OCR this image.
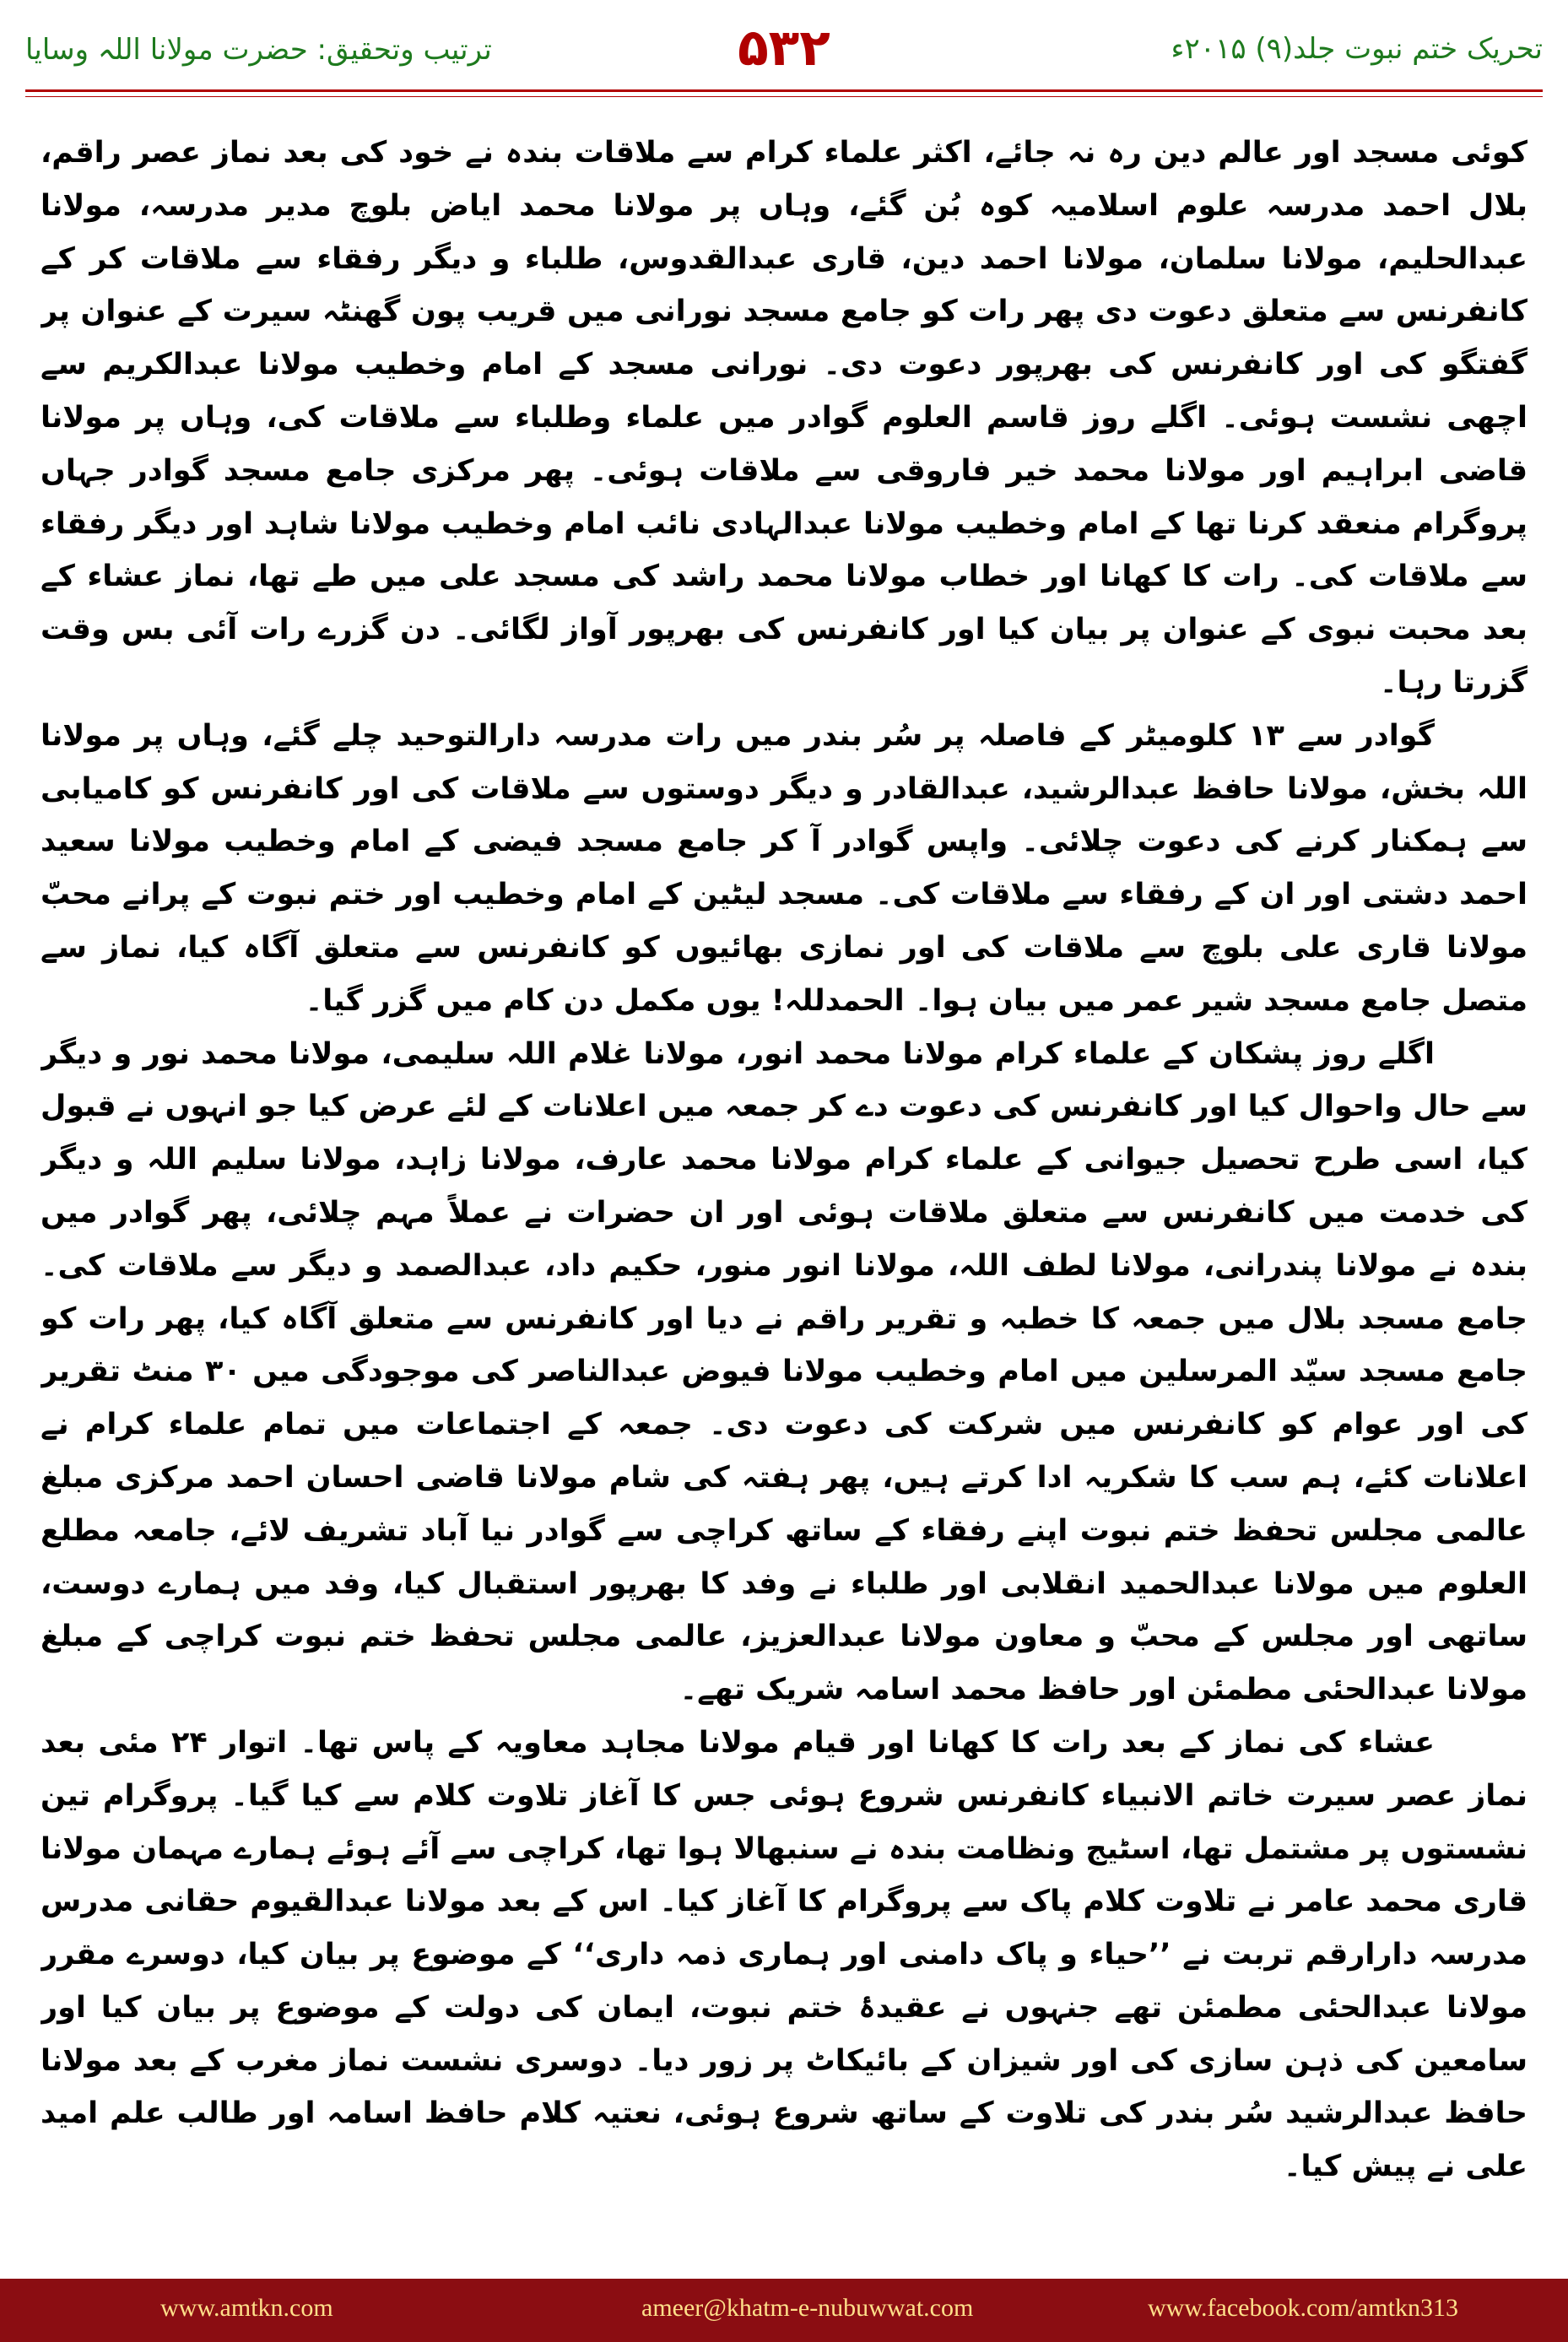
ترتیب وتحقیق: حضرت مولانا اللہ وسایا	۵۳۲	تحریک ختم نبوت جلد(۹) ۲۰۱۵ء

کوئی مسجد اور عالم دین رہ نہ جائے، اکثر علماء کرام سے ملاقات بندہ نے خود کی بعد نماز عصر راقم، بلال احمد مدرسہ علوم اسلامیہ کوہ بُن گئے، وہاں پر مولانا محمد ایاض بلوچ مدیر مدرسہ، مولانا عبدالحلیم، مولانا سلمان، مولانا احمد دین، قاری عبدالقدوس، طلباء و دیگر رفقاء سے ملاقات کر کے کانفرنس سے متعلق دعوت دی پھر رات کو جامع مسجد نورانی میں قریب پون گھنٹہ سیرت کے عنوان پر گفتگو کی اور کانفرنس کی بھرپور دعوت دی۔ نورانی مسجد کے امام وخطیب مولانا عبدالکریم سے اچھی نشست ہوئی۔ اگلے روز قاسم العلوم گوادر میں علماء وطلباء سے ملاقات کی، وہاں پر مولانا قاضی ابراہیم اور مولانا محمد خیر فاروقی سے ملاقات ہوئی۔ پھر مرکزی جامع مسجد گوادر جہاں پروگرام منعقد کرنا تھا کے امام وخطیب مولانا عبدالہادی نائب امام وخطیب مولانا شاہد اور دیگر رفقاء سے ملاقات کی۔ رات کا کھانا اور خطاب مولانا محمد راشد کی مسجد علی میں طے تھا، نماز عشاء کے بعد محبت نبوی کے عنوان پر بیان کیا اور کانفرنس کی بھرپور آواز لگائی۔ دن گزرے رات آئی بس وقت گزرتا رہا۔

گوادر سے ۱۳ کلومیٹر کے فاصلہ پر سُر بندر میں رات مدرسہ دارالتوحید چلے گئے، وہاں پر مولانا اللہ بخش، مولانا حافظ عبدالرشید، عبدالقادر و دیگر دوستوں سے ملاقات کی اور کانفرنس کو کامیابی سے ہمکنار کرنے کی دعوت چلائی۔ واپس گوادر آ کر جامع مسجد فیضی کے امام وخطیب مولانا سعید احمد دشتی اور ان کے رفقاء سے ملاقات کی۔ مسجد لیٹین کے امام وخطیب اور ختم نبوت کے پرانے محبّ مولانا قاری علی بلوچ سے ملاقات کی اور نمازی بھائیوں کو کانفرنس سے متعلق آگاہ کیا، نماز سے متصل جامع مسجد شیر عمر میں بیان ہوا۔ الحمدللہ! یوں مکمل دن کام میں گزر گیا۔

اگلے روز پشکان کے علماء کرام مولانا محمد انور، مولانا غلام اللہ سلیمی، مولانا محمد نور و دیگر سے حال واحوال کیا اور کانفرنس کی دعوت دے کر جمعہ میں اعلانات کے لئے عرض کیا جو انہوں نے قبول کیا، اسی طرح تحصیل جیوانی کے علماء کرام مولانا محمد عارف، مولانا زاہد، مولانا سلیم اللہ و دیگر کی خدمت میں کانفرنس سے متعلق ملاقات ہوئی اور ان حضرات نے عملاً مہم چلائی، پھر گوادر میں بندہ نے مولانا پندرانی، مولانا لطف اللہ، مولانا انور منور، حکیم داد، عبدالصمد و دیگر سے ملاقات کی۔ جامع مسجد بلال میں جمعہ کا خطبہ و تقریر راقم نے دیا اور کانفرنس سے متعلق آگاہ کیا، پھر رات کو جامع مسجد سیّد المرسلین میں امام وخطیب مولانا فیوض عبدالناصر کی موجودگی میں ۳۰ منٹ تقریر کی اور عوام کو کانفرنس میں شرکت کی دعوت دی۔ جمعہ کے اجتماعات میں تمام علماء کرام نے اعلانات کئے، ہم سب کا شکریہ ادا کرتے ہیں، پھر ہفتہ کی شام مولانا قاضی احسان احمد مرکزی مبلغ عالمی مجلس تحفظ ختم نبوت اپنے رفقاء کے ساتھ کراچی سے گوادر نیا آباد تشریف لائے، جامعہ مطلع العلوم میں مولانا عبدالحمید انقلابی اور طلباء نے وفد کا بھرپور استقبال کیا، وفد میں ہمارے دوست، ساتھی اور مجلس کے محبّ و معاون مولانا عبدالعزیز، عالمی مجلس تحفظ ختم نبوت کراچی کے مبلغ مولانا عبدالحئی مطمئن اور حافظ محمد اسامہ شریک تھے۔

عشاء کی نماز کے بعد رات کا کھانا اور قیام مولانا مجاہد معاویہ کے پاس تھا۔ اتوار ۲۴ مئی بعد نماز عصر سیرت خاتم الانبیاء کانفرنس شروع ہوئی جس کا آغاز تلاوت کلام سے کیا گیا۔ پروگرام تین نشستوں پر مشتمل تھا، اسٹیج ونظامت بندہ نے سنبھالا ہوا تھا، کراچی سے آئے ہوئے ہمارے مہمان مولانا قاری محمد عامر نے تلاوت کلام پاک سے پروگرام کا آغاز کیا۔ اس کے بعد مولانا عبدالقیوم حقانی مدرس مدرسہ دارارقم تربت نے ’’حیاء و پاک دامنی اور ہماری ذمہ داری‘‘ کے موضوع پر بیان کیا، دوسرے مقرر مولانا عبدالحئی مطمئن تھے جنہوں نے عقیدۂ ختم نبوت، ایمان کی دولت کے موضوع پر بیان کیا اور سامعین کی ذہن سازی کی اور شیزان کے بائیکاٹ پر زور دیا۔ دوسری نشست نماز مغرب کے بعد مولانا حافظ عبدالرشید سُر بندر کی تلاوت کے ساتھ شروع ہوئی، نعتیہ کلام حافظ اسامہ اور طالب علم امید علی نے پیش کیا۔

www.amtkn.com	ameer@khatm-e-nubuwwat.com	www.facebook.com/amtkn313
